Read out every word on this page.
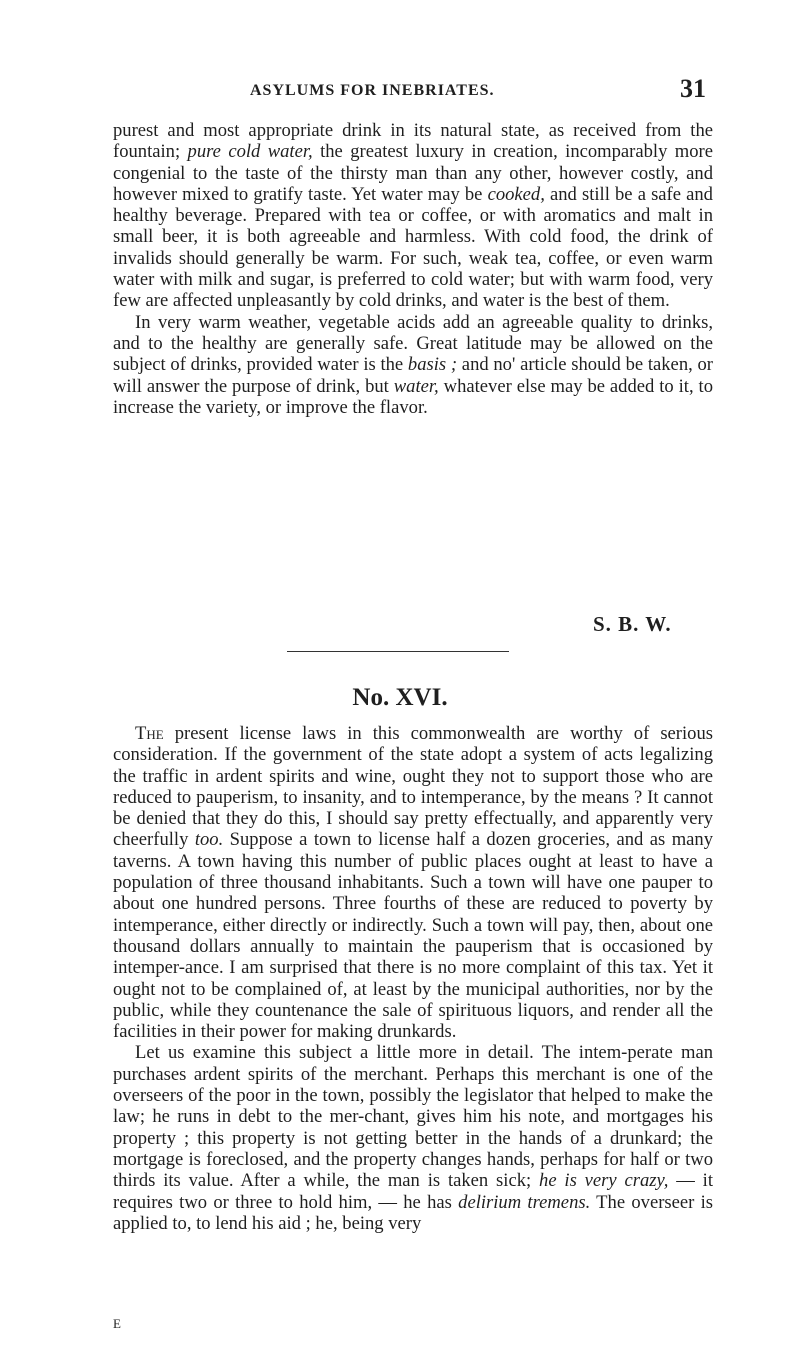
ASYLUMS FOR INEBRIATES.	31

purest and most appropriate drink in its natural state, as received from the fountain; pure cold water, the greatest luxury in creation, incomparably more congenial to the taste of the thirsty man than any other, however costly, and however mixed to gratify taste. Yet water may be cooked, and still be a safe and healthy beverage. Prepared with tea or coffee, or with aromatics and malt in small beer, it is both agreeable and harmless. With cold food, the drink of invalids should generally be warm. For such, weak tea, coffee, or even warm water with milk and sugar, is preferred to cold water; but with warm food, very few are affected unpleasantly by cold drinks, and water is the best of them.

In very warm weather, vegetable acids add an agreeable quality to drinks, and to the healthy are generally safe. Great latitude may be allowed on the subject of drinks, provided water is the basis ; and no' article should be taken, or will answer the purpose of drink, but water, whatever else may be added to it, to increase the variety, or improve the flavor.

S. B. W.
No. XVI.

The present license laws in this commonwealth are worthy of serious consideration. If the government of the state adopt a system of acts legalizing the traffic in ardent spirits and wine, ought they not to support those who are reduced to pauperism, to insanity, and to intemperance, by the means ? It cannot be denied that they do this, I should say pretty effectually, and apparently very cheerfully too. Suppose a town to license half a dozen groceries, and as many taverns. A town having this number of public places ought at least to have a population of three thousand inhabitants. Such a town will have one pauper to about one hundred persons. Three fourths of these are reduced to poverty by intemperance, either directly or indirectly. Such a town will pay, then, about one thousand dollars annually to maintain the pauperism that is occasioned by intemper-ance. I am surprised that there is no more complaint of this tax. Yet it ought not to be complained of, at least by the municipal authorities, nor by the public, while they countenance the sale of spirituous liquors, and render all the facilities in their power for making drunkards.

Let us examine this subject a little more in detail. The intem-perate man purchases ardent spirits of the merchant. Perhaps this merchant is one of the overseers of the poor in the town, possibly the legislator that helped to make the law; he runs in debt to the mer-chant, gives him his note, and mortgages his property ; this property is not getting better in the hands of a drunkard; the mortgage is foreclosed, and the property changes hands, perhaps for half or two thirds its value. After a while, the man is taken sick; he is very crazy, — it requires two or three to hold him, — he has delirium tremens. The overseer is applied to, to lend his aid ; he, being very

E
